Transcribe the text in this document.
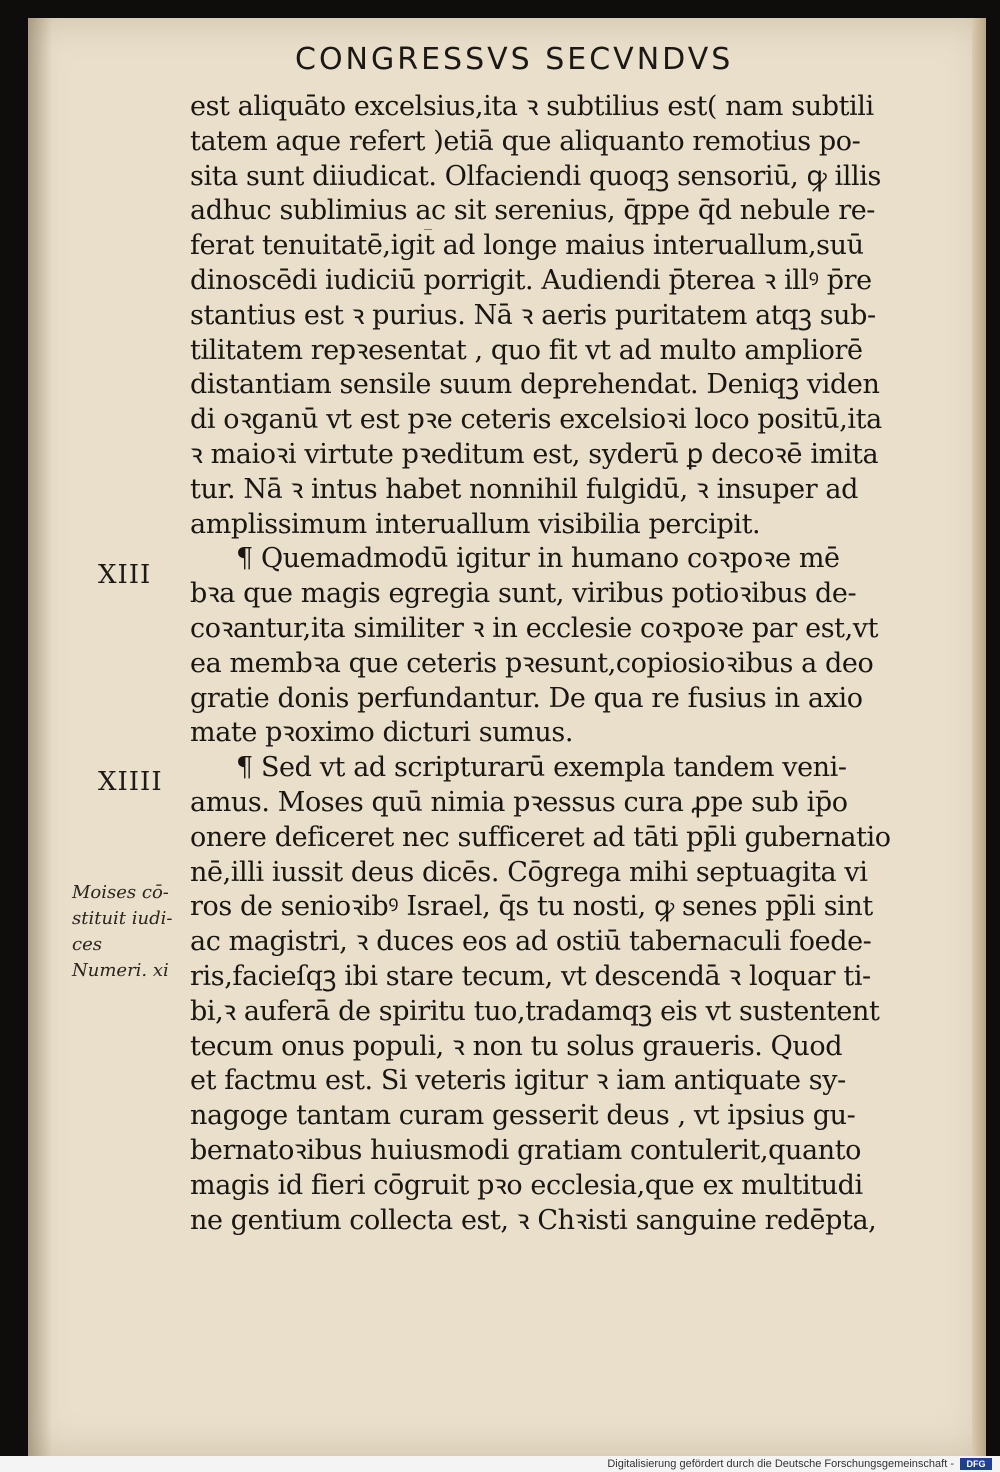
CONGRESSVS SECVNDVS
XIII
XIIII
Moises cō-
stituit iudi-
ces
Numeri. xi
est aliquāto excelsius,ita ꝛ subtilius est( nam subtili
tatem aque refert )etiā que aliquanto remotius po-
sita sunt diiudicat. Olfaciendi quoqꝫ sensoriū, ꝙ illis
adhuc sublimius ac sit serenius, q̄ppe q̄d nebule re-
ferat tenuitatē,igit̄ ad longe maius interuallum,suū
dinoscēdi iudiciū porrigit. Audiendi p̄terea ꝛ illꝰ p̄re
stantius est ꝛ purius. Nā ꝛ aeris puritatem atqꝫ sub-
tilitatem repꝛesentat , quo fit vt ad multo ampliorē
distantiam sensile suum deprehendat. Deniqꝫ viden
di oꝛganū vt est pꝛe ceteris excelsioꝛi loco positū,ita
ꝛ maioꝛi virtute pꝛeditum est, syderū ꝑ decoꝛē imita
tur. Nā ꝛ intus habet nonnihil fulgidū, ꝛ insuper ad
amplissimum interuallum visibilia percipit.
¶ Quemadmodū igitur in humano coꝛpoꝛe mē
bꝛa que magis egregia sunt, viribus potioꝛibus de-
coꝛantur,ita similiter ꝛ in ecclesie coꝛpoꝛe par est,vt
ea membꝛa que ceteris pꝛesunt,copiosioꝛibus a deo
gratie donis perfundantur. De qua re fusius in axio
mate pꝛoximo dicturi sumus.
¶ Sed vt ad scripturarū exempla tandem veni-
amus. Moses quū nimia pꝛessus cura ꝓpe sub ip̄o
onere deficeret nec sufficeret ad tāti pp̄li gubernatio
nē,illi iussit deus dicēs. Cōgrega mihi septuagita vi
ros de senioꝛibꝰ Israel, q̄s tu nosti, ꝙ senes pp̄li sint
ac magistri, ꝛ duces eos ad ostiū tabernaculi foede-
ris,facieſqꝫ ibi stare tecum, vt descendā ꝛ loquar ti-
bi,ꝛ auferā de spiritu tuo,tradamqꝫ eis vt sustentent
tecum onus populi, ꝛ non tu solus graueris. Quod
et factmu est. Si veteris igitur ꝛ iam antiquate sy-
nagoge tantam curam gesserit deus , vt ipsius gu-
bernatoꝛibus huiusmodi gratiam contulerit,quanto
magis id fieri cōgruit pꝛo ecclesia,que ex multitudi
ne gentium collecta est, ꝛ Chꝛisti sanguine redēpta,
Digitalisierung gefördert durch die Deutsche Forschungsgemeinschaft -	DFG
